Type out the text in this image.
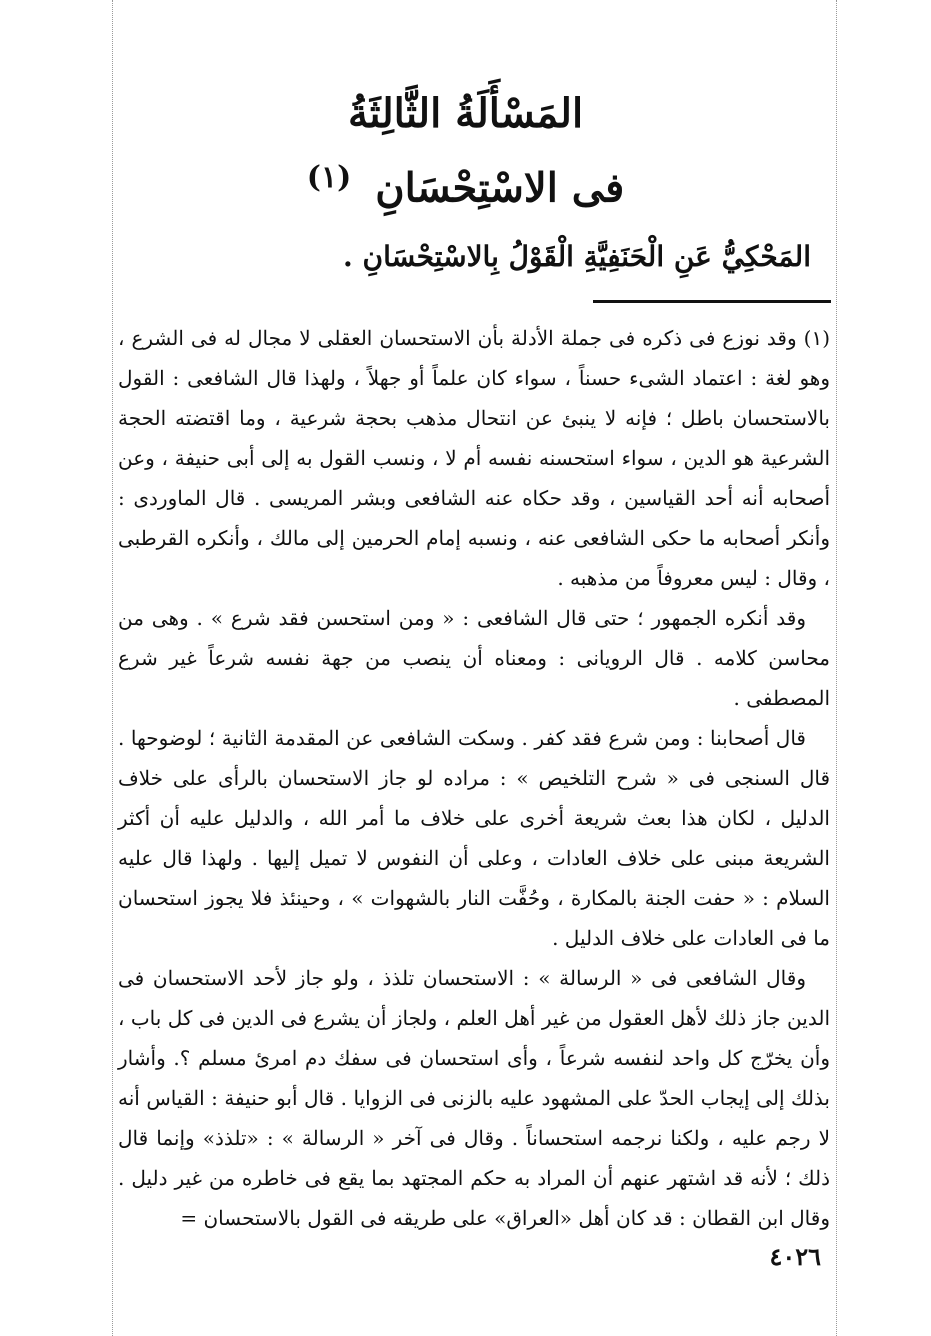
المَسْأَلَةُ الثَّالِثَةُ
فى الاسْتِحْسَانِ $^{(١)}$
المَحْكِيُّ عَنِ الْحَنَفِيَّةِ الْقَوْلُ بِالاسْتِحْسَانِ .

(١) وقد نوزع فى ذكره فى جملة الأدلة بأن الاستحسان العقلى لا مجال له فى الشرع ، وهو لغة : اعتماد الشىء حسناً ، سواء كان علماً أو جهلاً ، ولهذا قال الشافعى : القول بالاستحسان باطل ؛ فإنه لا ينبئ عن انتحال مذهب بحجة شرعية ، وما اقتضته الحجة الشرعية هو الدين ، سواء استحسنه نفسه أم لا ، ونسب القول به إلى أبى حنيفة ، وعن أصحابه أنه أحد القياسين ، وقد حكاه عنه الشافعى وبشر المريسى . قال الماوردى : وأنكر أصحابه ما حكى الشافعى عنه ، ونسبه إمام الحرمين إلى مالك ، وأنكره القرطبى ، وقال : ليس معروفاً من مذهبه .

وقد أنكره الجمهور ؛ حتى قال الشافعى : « ومن استحسن فقد شرع » . وهى من محاسن كلامه . قال الرويانى : ومعناه أن ينصب من جهة نفسه شرعاً غير شرع المصطفى .

قال أصحابنا : ومن شرع فقد كفر . وسكت الشافعى عن المقدمة الثانية ؛ لوضوحها . قال السنجى فى « شرح التلخيص » : مراده لو جاز الاستحسان بالرأى على خلاف الدليل ، لكان هذا بعث شريعة أخرى على خلاف ما أمر الله ، والدليل عليه أن أكثر الشريعة مبنى على خلاف العادات ، وعلى أن النفوس لا تميل إليها . ولهذا قال عليه السلام : « حفت الجنة بالمكارة ، وحُفَّت النار بالشهوات » ، وحينئذ فلا يجوز استحسان ما فى العادات على خلاف الدليل .

وقال الشافعى فى « الرسالة » : الاستحسان تلذذ ، ولو جاز لأحد الاستحسان فى الدين جاز ذلك لأهل العقول من غير أهل العلم ، ولجاز أن يشرع فى الدين فى كل باب ، وأن يخرّج كل واحد لنفسه شرعاً ، وأى استحسان فى سفك دم امرئ مسلم ؟. وأشار بذلك إلى إيجاب الحدّ على المشهود عليه بالزنى فى الزوايا . قال أبو حنيفة : القياس أنه لا رجم عليه ، ولكنا نرجمه استحساناً . وقال فى آخر « الرسالة » : «تلذذ» وإنما قال ذلك ؛ لأنه قد اشتهر عنهم أن المراد به حكم المجتهد بما يقع فى خاطره من غير دليل . وقال ابن القطان : قد كان أهل «العراق» على طريقه فى القول بالاستحسان =

٤٠٢٦
